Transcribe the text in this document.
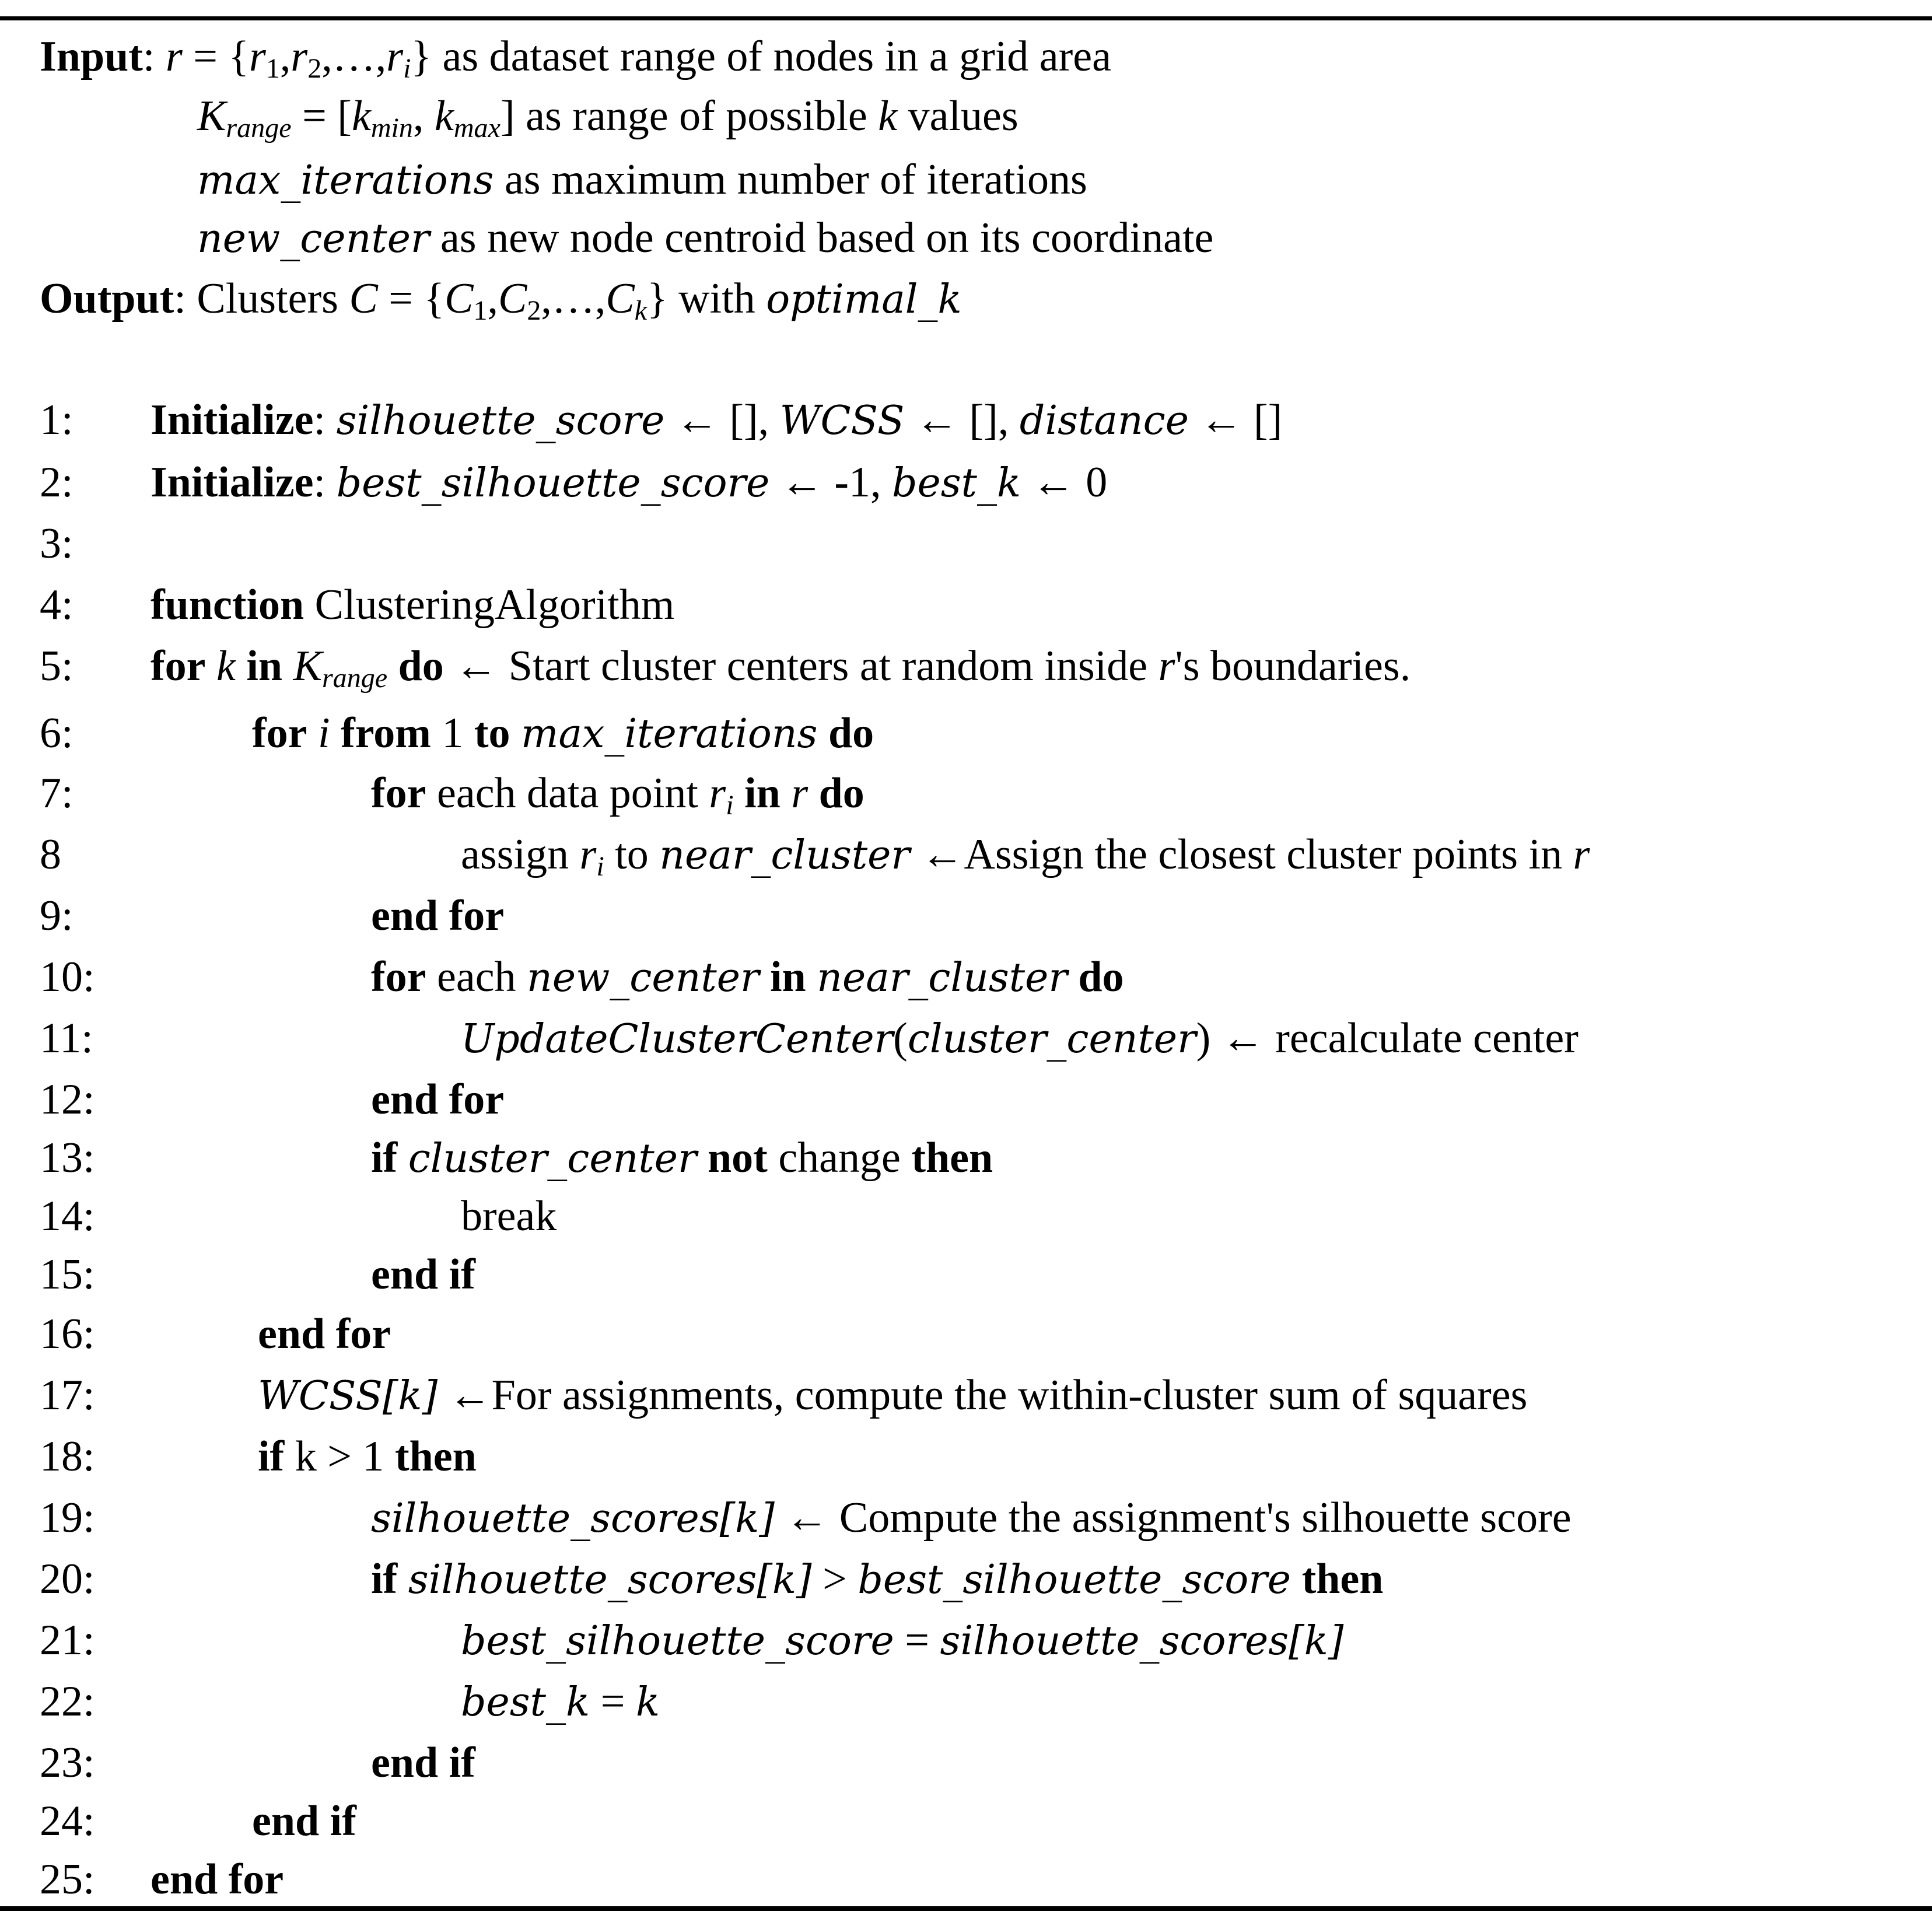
Input: $r = \{r_1,r_2,\dots,r_i\}$ as dataset range of nodes in a grid area
$K_{range} = [k_{min}$, $k_{max}$] as range of possible k values
max_iterations as maximum number of iterations
new_center as new node centroid based on its coordinate
Output: Clusters $C = \{C_1,C_2,\dots,C_k\}$ with optimal_k
1: Initialize: silhouette_score ← [], WCSS ← [], distance ← []
2: Initialize: best_silhouette_score ← -1, best_k ← 0
3:
4: function ClusteringAlgorithm
5: for k in $K_{range}$ do ← Start cluster centers at random inside r's boundaries.
6:	for i from 1 to max_iterations do
7:	for each data point $r_i$ in r do
8	assign $r_i$ to near_cluster ←Assign the closest cluster points in r
9:	end for
10:	for each new_center in near_cluster do
11:	UpdateClusterCenter(cluster_center) ← recalculate center
12:	end for
13:	if cluster_center not change then
14:	break
15:	end if
16:	end for
17:	WCSS[k] ←For assignments, compute the within-cluster sum of squares
18:	if k > 1 then
19:	silhouette_scores[k] ← Compute the assignment's silhouette score
20:	if silhouette_scores[k] > best_silhouette_score then
21:	best_silhouette_score = silhouette_scores[k]
22:	best_k = k
23:	end if
24:	end if
25: end for
